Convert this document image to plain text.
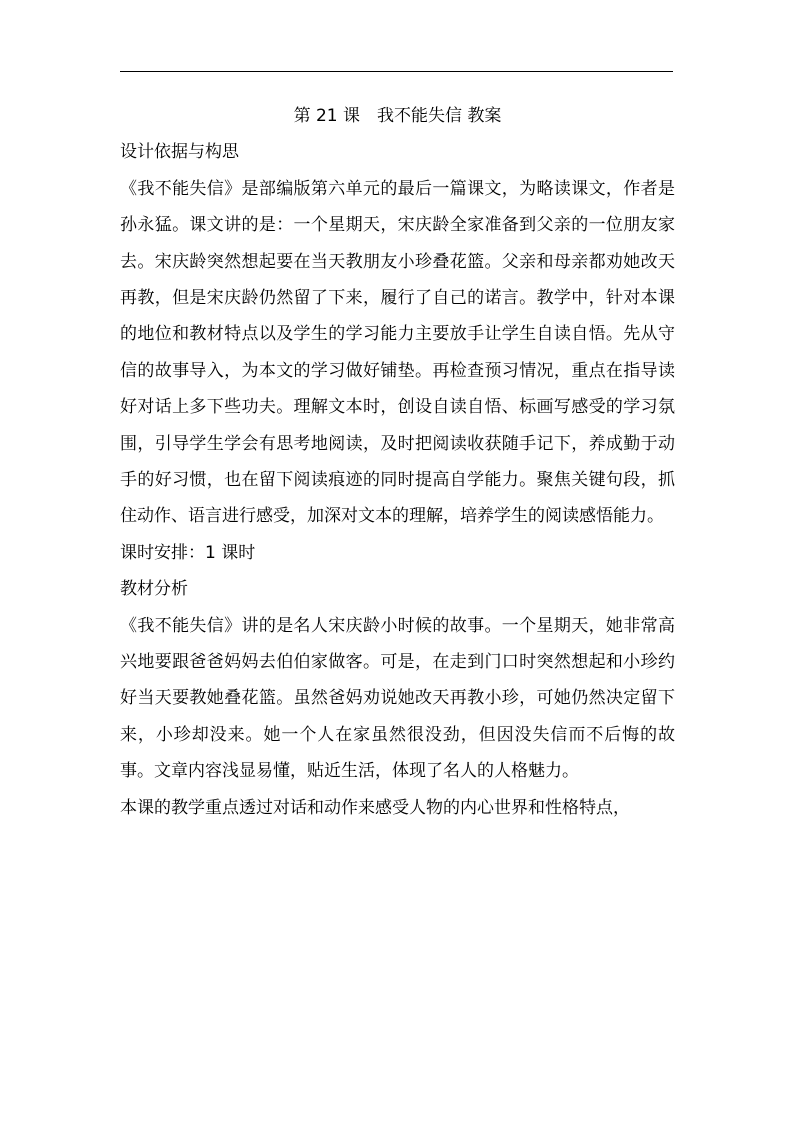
第 21 课　我不能失信 教案

设计依据与构思

《我不能失信》是部编版第六单元的最后一篇课文，为略读课文，作者是孙永猛。课文讲的是：一个星期天，宋庆龄全家准备到父亲的一位朋友家去。宋庆龄突然想起要在当天教朋友小珍叠花篮。父亲和母亲都劝她改天再教，但是宋庆龄仍然留了下来，履行了自己的诺言。教学中，针对本课的地位和教材特点以及学生的学习能力主要放手让学生自读自悟。先从守信的故事导入，为本文的学习做好铺垫。再检查预习情况，重点在指导读好对话上多下些功夫。理解文本时，创设自读自悟、标画写感受的学习氛围，引导学生学会有思考地阅读，及时把阅读收获随手记下，养成勤于动手的好习惯，也在留下阅读痕迹的同时提高自学能力。聚焦关键句段，抓住动作、语言进行感受，加深对文本的理解，培养学生的阅读感悟能力。

课时安排：1 课时

教材分析

《我不能失信》讲的是名人宋庆龄小时候的故事。一个星期天，她非常高兴地要跟爸爸妈妈去伯伯家做客。可是，在走到门口时突然想起和小珍约好当天要教她叠花篮。虽然爸妈劝说她改天再教小珍，可她仍然决定留下来，小珍却没来。她一个人在家虽然很没劲，但因没失信而不后悔的故事。文章内容浅显易懂，贴近生活，体现了名人的人格魅力。

本课的教学重点透过对话和动作来感受人物的内心世界和性格特点，
